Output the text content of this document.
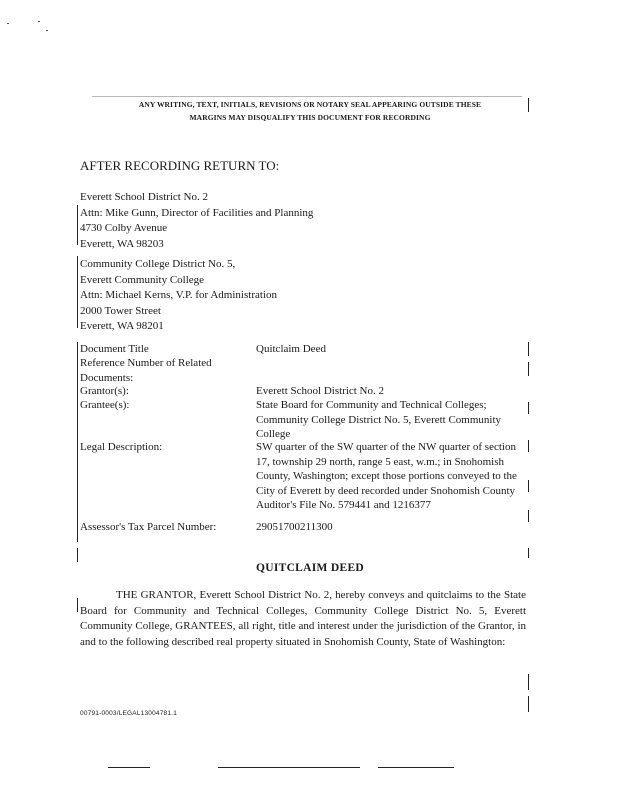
ANY WRITING, TEXT, INITIALS, REVISIONS OR NOTARY SEAL APPEARING OUTSIDE THESE
MARGINS MAY DISQUALIFY THIS DOCUMENT FOR RECORDING
AFTER RECORDING RETURN TO:
Everett School District No. 2
Attn: Mike Gunn, Director of Facilities and Planning
4730 Colby Avenue
Everett, WA 98203
Community College District No. 5,
Everett Community College
Attn: Michael Kerns, V.P. for Administration
2000 Tower Street
Everett, WA 98201
Document Title	Quitclaim Deed
Reference Number of Related
Documents:
Grantor(s):	Everett School District No. 2
Grantee(s):	State Board for Community and Technical Colleges; Community College District No. 5, Everett Community College
Legal Description:	SW quarter of the SW quarter of the NW quarter of section 17, township 29 north, range 5 east, w.m.; in Snohomish County, Washington; except those portions conveyed to the City of Everett by deed recorded under Snohomish County Auditor's File No. 579441 and 1216377
Assessor's Tax Parcel Number:	29051700211300
QUITCLAIM DEED
THE GRANTOR, Everett School District No. 2, hereby conveys and quitclaims to the State Board for Community and Technical Colleges, Community College District No. 5, Everett Community College, GRANTEES, all right, title and interest under the jurisdiction of the Grantor, in and to the following described real property situated in Snohomish County, State of Washington:
00791-0003/LEGAL13004781.1
